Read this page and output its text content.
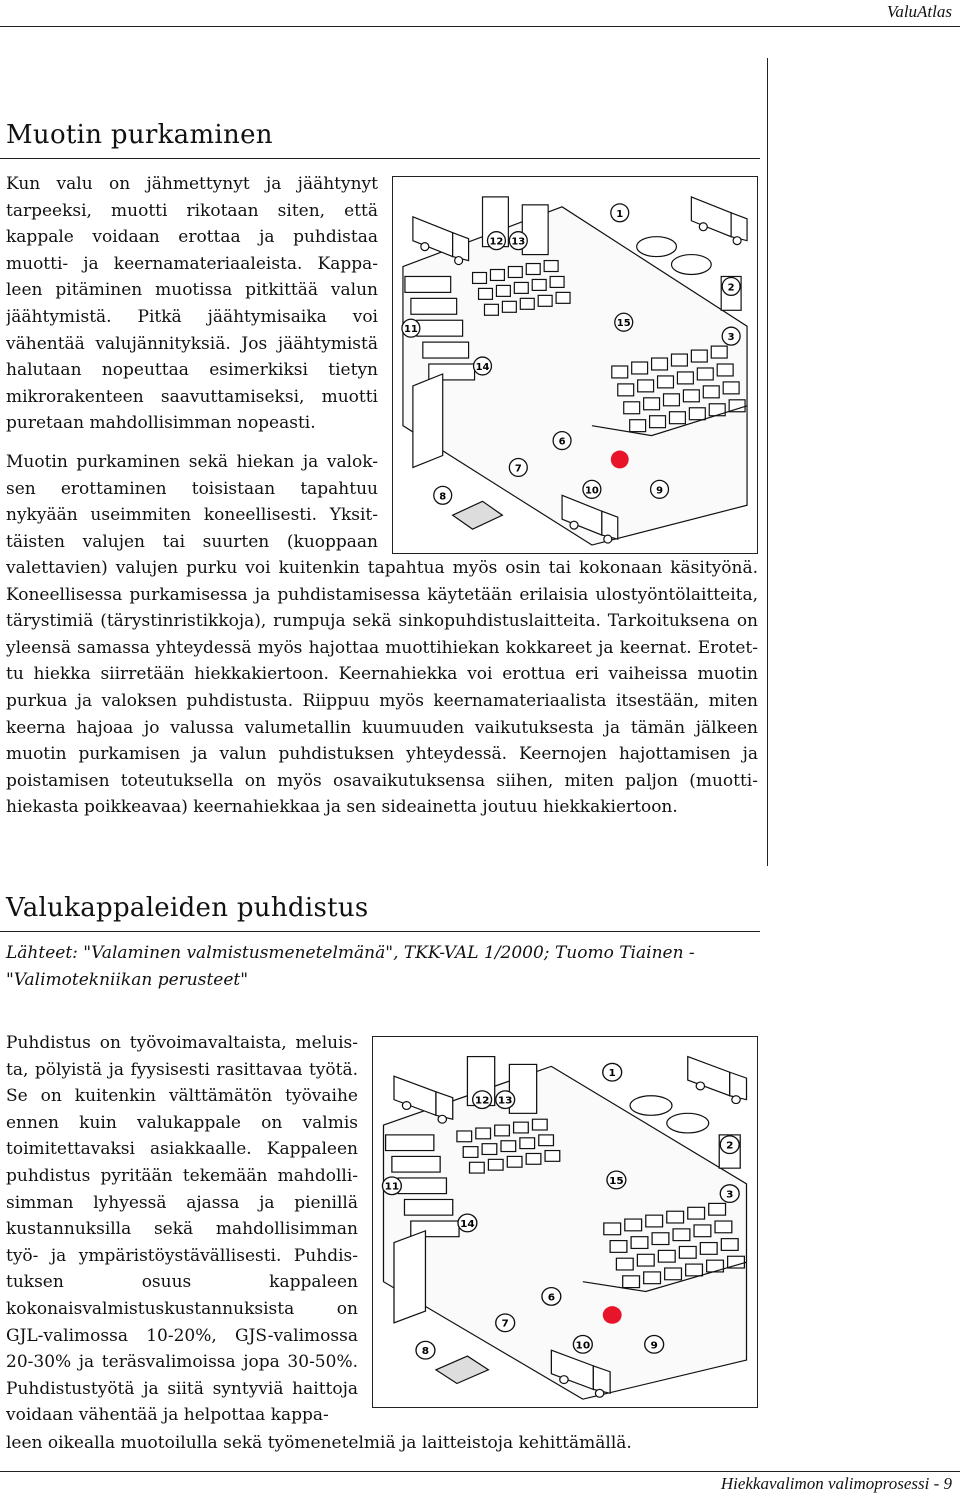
ValuAtlas
Muotin purkaminen
Kun valu on jähmettynyt ja jäähtynyt
tarpeeksi, muotti rikotaan siten, että
kappale voidaan erottaa ja puhdistaa
muotti- ja keernamateriaaleista. Kappa-
leen pitäminen muotissa pitkittää valun
jäähtymistä. Pitkä jäähtymisaika voi
vähentää valujännityksiä. Jos jäähtymistä
halutaan nopeuttaa esimerkiksi tietyn
mikrorakenteen saavuttamiseksi, muotti
puretaan mahdollisimman nopeasti.
Muotin purkaminen sekä hiekan ja valok-
sen erottaminen toisistaan tapahtuu
nykyään useimmiten koneellisesti. Yksit-
täisten valujen tai suurten (kuoppaan
valettavien) valujen purku voi kuitenkin tapahtua myös osin tai kokonaan käsityönä.
Koneellisessa purkamisessa ja puhdistamisessa käytetään erilaisia ulostyöntölaitteita,
tärystimiä (tärystinristikkoja), rumpuja sekä sinkopuhdistuslaitteita. Tarkoituksena on
yleensä samassa yhteydessä myös hajottaa muottihiekan kokkareet ja keernat. Erotet-
tu hiekka siirretään hiekkakiertoon. Keernahiekka voi erottua eri vaiheissa muotin
purkua ja valoksen puhdistusta. Riippuu myös keernamateriaalista itsestään, miten
keerna hajoaa jo valussa valumetallin kuumuuden vaikutuksesta ja tämän jälkeen
muotin purkamisen ja valun puhdistuksen yhteydessä. Keernojen hajottamisen ja
poistamisen toteutuksella on myös osavaikutuksensa siihen, miten paljon (muotti-
hiekasta poikkeavaa) keernahiekkaa ja sen sideainetta joutuu hiekkakiertoon.
1
2
3
6
7
8
9
10
11
12 13
14
15
Valukappaleiden puhdistus
Lähteet: "Valaminen valmistusmenetelmänä", TKK-VAL 1/2000; Tuomo Tiainen - "Valimotekniikan perusteet"
Puhdistus on työvoimavaltaista, meluis-
ta, pölyistä ja fyysisesti rasittavaa työtä.
Se on kuitenkin välttämätön työvaihe
ennen kuin valukappale on valmis
toimitettavaksi asiakkaalle. Kappaleen
puhdistus pyritään tekemään mahdolli-
simman lyhyessä ajassa ja pienillä
kustannuksilla sekä mahdollisimman
työ- ja ympäristöystävällisesti. Puhdis-
tuksen osuus kappaleen
kokonaisvalmistuskustannuksista on
GJL-valimossa 10-20%, GJS-valimossa
20-30% ja teräsvalimoissa jopa 30-50%.
Puhdistustyötä ja siitä syntyviä haittoja
voidaan vähentää ja helpottaa kappa-
leen oikealla muotoilulla sekä työmenetelmiä ja laitteistoja kehittämällä.
1
2
3
6
7
8
9
10
11
12 13
14
15
Hiekkavalimon valimoprosessi - 9
